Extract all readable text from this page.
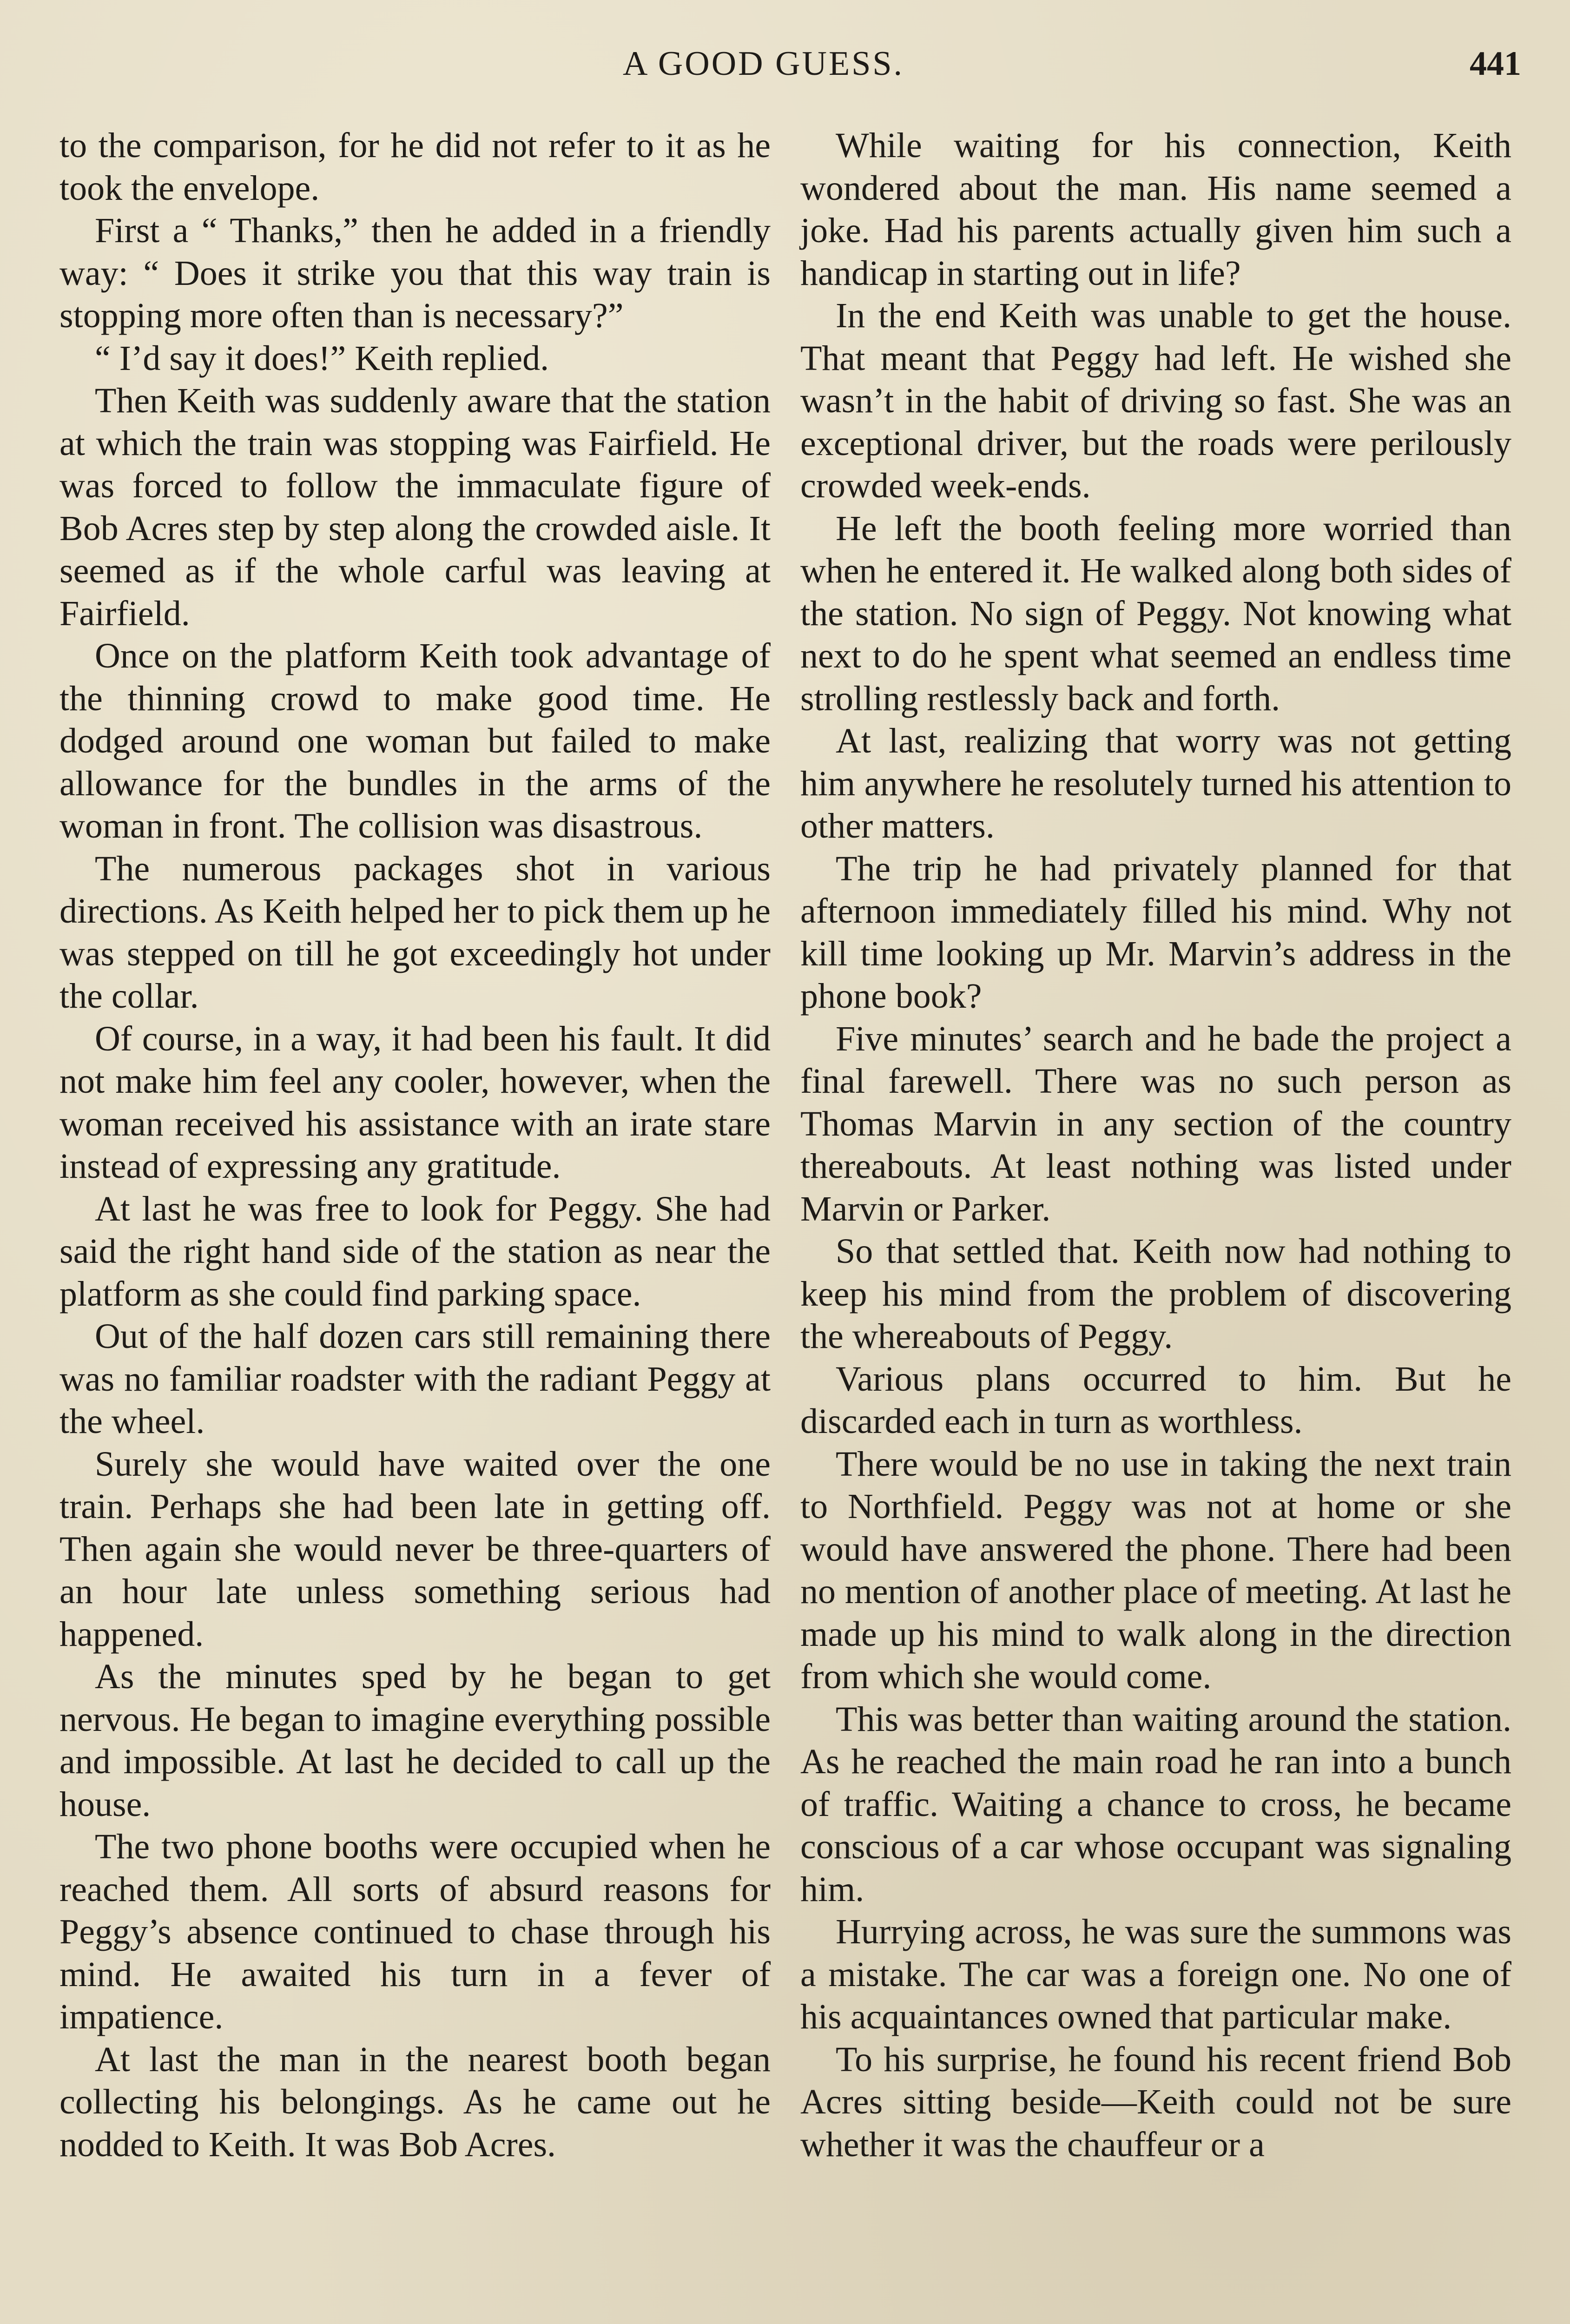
A GOOD GUESS.	441

to the comparison, for he did not refer to it as he took the envelope.

First a “ Thanks,” then he added in a friendly way: “ Does it strike you that this way train is stopping more often than is necessary?”

“ I’d say it does!” Keith replied.

Then Keith was suddenly aware that the station at which the train was stopping was Fairfield. He was forced to follow the immaculate figure of Bob Acres step by step along the crowded aisle. It seemed as if the whole carful was leaving at Fairfield.

Once on the platform Keith took advantage of the thinning crowd to make good time. He dodged around one woman but failed to make allowance for the bundles in the arms of the woman in front. The collision was disastrous.

The numerous packages shot in various directions. As Keith helped her to pick them up he was stepped on till he got exceedingly hot under the collar.

Of course, in a way, it had been his fault. It did not make him feel any cooler, however, when the woman received his assistance with an irate stare instead of expressing any gratitude.

At last he was free to look for Peggy. She had said the right hand side of the station as near the platform as she could find parking space.

Out of the half dozen cars still remaining there was no familiar roadster with the radiant Peggy at the wheel.

Surely she would have waited over the one train. Perhaps she had been late in getting off. Then again she would never be three-quarters of an hour late unless something serious had happened.

As the minutes sped by he began to get nervous. He began to imagine everything possible and impossible. At last he decided to call up the house.

The two phone booths were occupied when he reached them. All sorts of absurd reasons for Peggy’s absence continued to chase through his mind. He awaited his turn in a fever of impatience.

At last the man in the nearest booth began collecting his belongings. As he came out he nodded to Keith. It was Bob Acres.

While waiting for his connection, Keith wondered about the man. His name seemed a joke. Had his parents actually given him such a handicap in starting out in life?

In the end Keith was unable to get the house. That meant that Peggy had left. He wished she wasn’t in the habit of driving so fast. She was an exceptional driver, but the roads were perilously crowded week-ends.

He left the booth feeling more worried than when he entered it. He walked along both sides of the station. No sign of Peggy. Not knowing what next to do he spent what seemed an endless time strolling restlessly back and forth.

At last, realizing that worry was not getting him anywhere he resolutely turned his attention to other matters.

The trip he had privately planned for that afternoon immediately filled his mind. Why not kill time looking up Mr. Marvin’s address in the phone book?

Five minutes’ search and he bade the project a final farewell. There was no such person as Thomas Marvin in any section of the country thereabouts. At least nothing was listed under Marvin or Parker.

So that settled that. Keith now had nothing to keep his mind from the problem of discovering the whereabouts of Peggy.

Various plans occurred to him. But he discarded each in turn as worthless.

There would be no use in taking the next train to Northfield. Peggy was not at home or she would have answered the phone. There had been no mention of another place of meeting. At last he made up his mind to walk along in the direction from which she would come.

This was better than waiting around the station. As he reached the main road he ran into a bunch of traffic. Waiting a chance to cross, he became conscious of a car whose occupant was signaling him.

Hurrying across, he was sure the summons was a mistake. The car was a foreign one. No one of his acquaintances owned that particular make.

To his surprise, he found his recent friend Bob Acres sitting beside—Keith could not be sure whether it was the chauffeur or a
